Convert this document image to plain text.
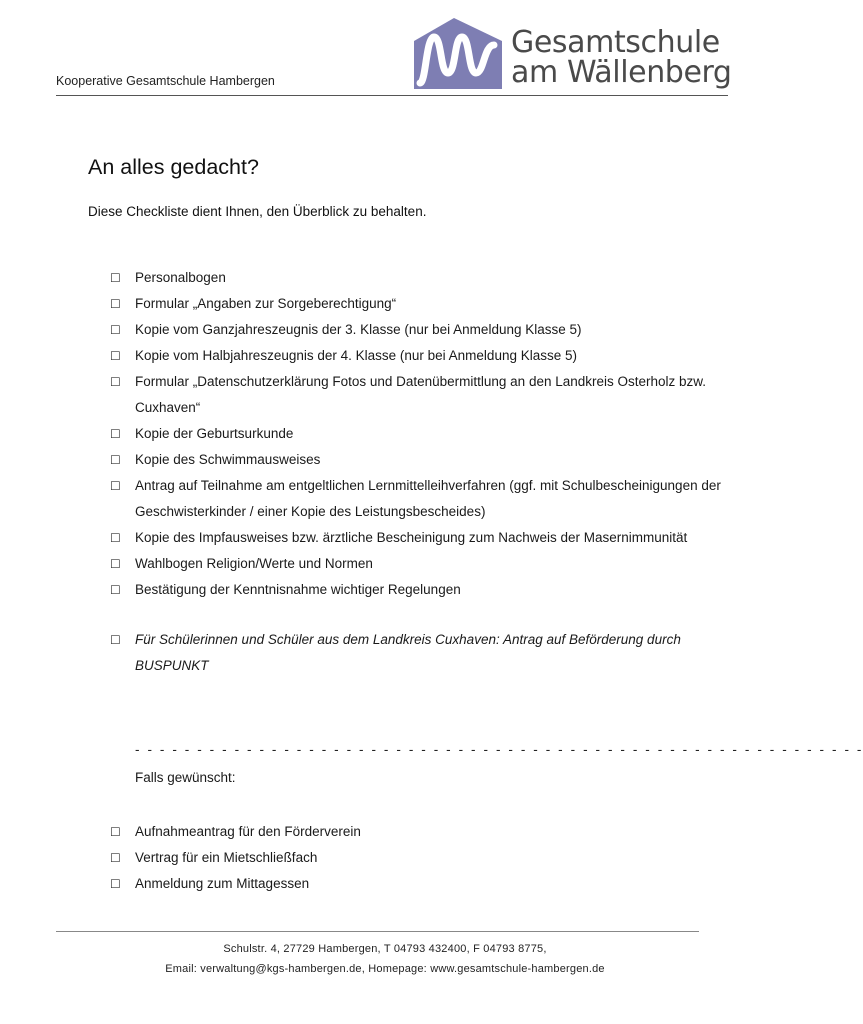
Kooperative Gesamtschule Hambergen
Gesamtschule
am Wällenberg
An alles gedacht?
Diese Checkliste dient Ihnen, den Überblick zu behalten.
☐	Personalbogen
☐	Formular „Angaben zur Sorgeberechtigung“
☐	Kopie vom Ganzjahreszeugnis der 3. Klasse (nur bei Anmeldung Klasse 5)
☐	Kopie vom Halbjahreszeugnis der 4. Klasse (nur bei Anmeldung Klasse 5)
☐	Formular „Datenschutzerklärung Fotos und Datenübermittlung an den Landkreis Osterholz bzw. Cuxhaven“
☐	Kopie der Geburtsurkunde
☐	Kopie des Schwimmausweises
☐	Antrag auf Teilnahme am entgeltlichen Lernmittelleihverfahren (ggf. mit Schulbescheinigungen der Geschwisterkinder / einer Kopie des Leistungsbescheides)
☐	Kopie des Impfausweises bzw. ärztliche Bescheinigung zum Nachweis der Masernimmunität
☐	Wahlbogen Religion/Werte und Normen
☐	Bestätigung der Kenntnisnahme wichtiger Regelungen
☐	Für Schülerinnen und Schüler aus dem Landkreis Cuxhaven: Antrag auf Beförderung durch BUSPUNKT
- - - - - - - - - - - - - - - - - - - - - - - - - - - - - - - - - - - - - - - - - - - - - - - - - - - - - - - - - - -
Falls gewünscht:
☐	Aufnahmeantrag für den Förderverein
☐	Vertrag für ein Mietschließfach
☐	Anmeldung zum Mittagessen
Schulstr. 4, 27729 Hambergen, T 04793 432400, F 04793 8775,
Email: verwaltung@kgs-hambergen.de, Homepage: www.gesamtschule-hambergen.de
